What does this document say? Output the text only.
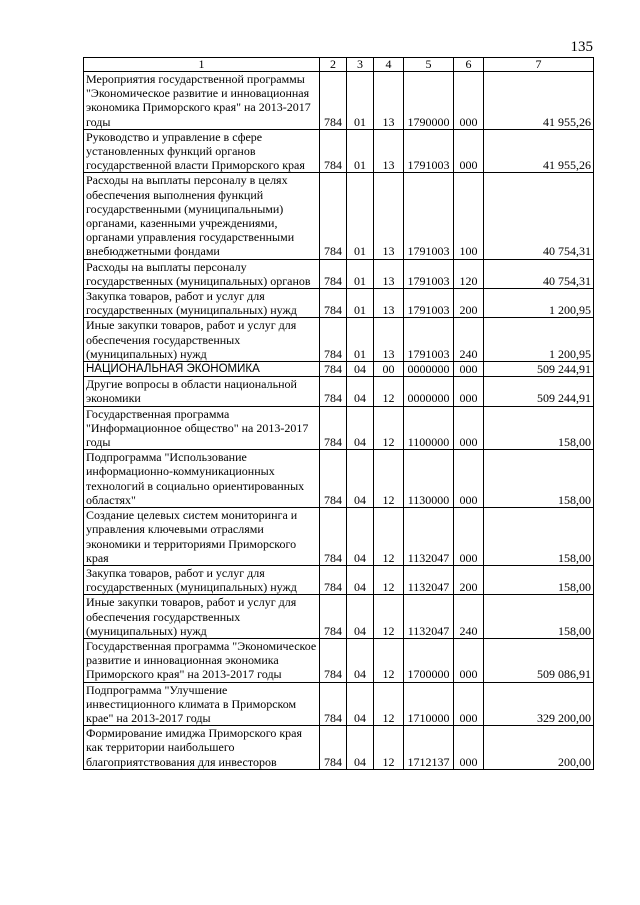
135
1	2	3	4	5	6	7
Мероприятия государственной программы "Экономическое развитие и инновационная экономика Приморского края" на 2013-2017 годы	784	01	13	1790000	000	41 955,26
Руководство и управление в сфере установленных функций органов государственной власти Приморского края	784	01	13	1791003	000	41 955,26
Расходы на выплаты персоналу в целях обеспечения выполнения функций государственными (муниципальными) органами, казенными учреждениями, органами управления государственными внебюджетными фондами	784	01	13	1791003	100	40 754,31
Расходы на выплаты персоналу государственных (муниципальных) органов	784	01	13	1791003	120	40 754,31
Закупка товаров, работ и услуг для государственных (муниципальных) нужд	784	01	13	1791003	200	1 200,95
Иные закупки товаров, работ и услуг для обеспечения государственных (муниципальных) нужд	784	01	13	1791003	240	1 200,95
НАЦИОНАЛЬНАЯ ЭКОНОМИКА	784	04	00	0000000	000	509 244,91
Другие вопросы в области национальной экономики	784	04	12	0000000	000	509 244,91
Государственная программа "Информационное общество" на 2013-2017 годы	784	04	12	1100000	000	158,00
Подпрограмма "Использование информационно-коммуникационных технологий в социально ориентированных областях"	784	04	12	1130000	000	158,00
Создание целевых систем мониторинга и управления ключевыми отраслями экономики и территориями Приморского края	784	04	12	1132047	000	158,00
Закупка товаров, работ и услуг для государственных (муниципальных) нужд	784	04	12	1132047	200	158,00
Иные закупки товаров, работ и услуг для обеспечения государственных (муниципальных) нужд	784	04	12	1132047	240	158,00
Государственная программа "Экономическое развитие и инновационная экономика Приморского края" на 2013-2017 годы	784	04	12	1700000	000	509 086,91
Подпрограмма "Улучшение инвестиционного климата в Приморском крае" на 2013-2017 годы	784	04	12	1710000	000	329 200,00
Формирование имиджа Приморского края как территории наибольшего благоприятствования для инвесторов	784	04	12	1712137	000	200,00
